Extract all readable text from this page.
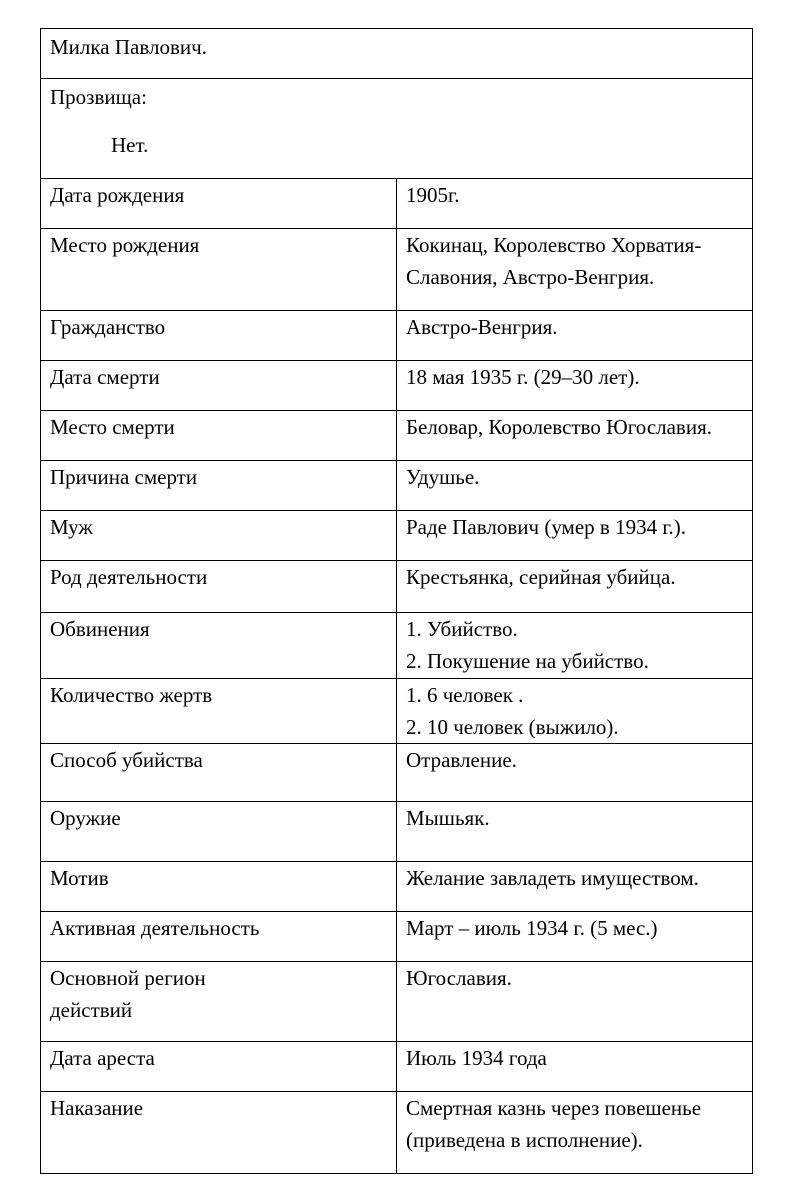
Милка Павлович.	

Прозвища:
Нет.	

Дата рождения	1905г.

Место рождения	Кокинац, Королевство Хорватия-
Славония, Австро-Венгрия.

Гражданство	Австро-Венгрия.

Дата смерти	18 мая 1935 г. (29–30 лет).

Место смерти	Беловар, Королевство Югославия.

Причина смерти	Удушье.

Муж	Раде Павлович (умер в 1934 г.).

Род деятельности	Крестьянка, серийная убийца.

Обвинения	1. Убийство.
2. Покушение на убийство.

Количество жертв	1. 6 человек .
2. 10 человек (выжило).

Способ убийства	Отравление.

Оружие	Мышьяк.

Мотив	Желание завладеть имуществом.

Активная деятельность	Март – июль 1934 г. (5 мес.)

Основной регион
действий	Югославия.

Дата ареста	Июль 1934 года

Наказание	Смертная казнь через повешенье
(приведена в исполнение).
